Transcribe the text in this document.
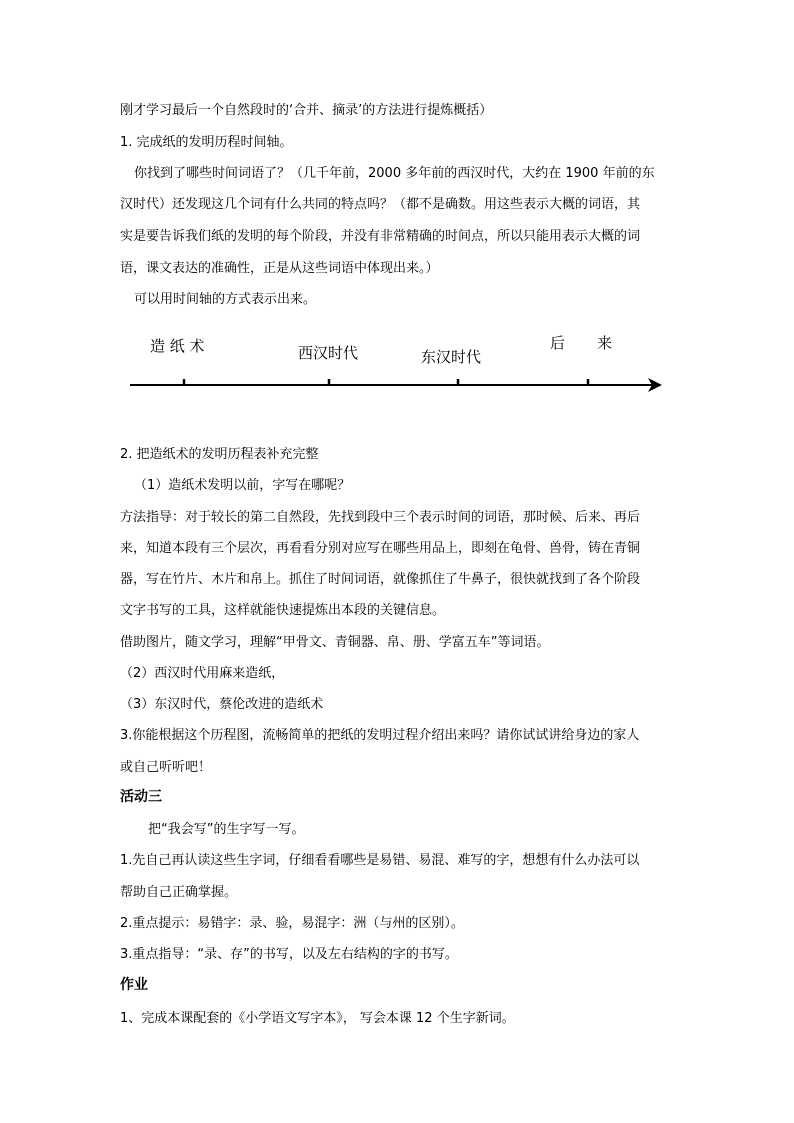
刚才学习最后一个自然段时的‘合并、摘录’的方法进行提炼概括）
1. 完成纸的发明历程时间轴。
你找到了哪些时间词语了？（几千年前，2000 多年前的西汉时代，大约在 1900 年前的东
汉时代）还发现这几个词有什么共同的特点吗？（都不是确数。用这些表示大概的词语，其
实是要告诉我们纸的发明的每个阶段，并没有非常精确的时间点，所以只能用表示大概的词
语，课文表达的准确性，正是从这些词语中体现出来。）
可以用时间轴的方式表示出来。
造 纸 术	西汉时代	东汉时代
后 来
2. 把造纸术的发明历程表补充完整
（1）造纸术发明以前，字写在哪呢？
方法指导：对于较长的第二自然段，先找到段中三个表示时间的词语，那时候、后来、再后
来，知道本段有三个层次，再看看分别对应写在哪些用品上，即刻在龟骨、兽骨，铸在青铜
器，写在竹片、木片和帛上。抓住了时间词语，就像抓住了牛鼻子，很快就找到了各个阶段
文字书写的工具，这样就能快速提炼出本段的关键信息。
借助图片，随文学习，理解“甲骨文、青铜器、帛、册、学富五车”等词语。
（2）西汉时代用麻来造纸，
（3）东汉时代，蔡伦改进的造纸术
3.你能根据这个历程图，流畅简单的把纸的发明过程介绍出来吗？请你试试讲给身边的家人
或自己听听吧！
活动三
把“我会写”的生字写一写。
1.先自己再认读这些生字词，仔细看看哪些是易错、易混、难写的字，想想有什么办法可以
帮助自己正确掌握。
2.重点提示：易错字：录、验，易混字：洲（与州的区别）。
3.重点指导：“录、存”的书写，以及左右结构的字的书写。
作业
1、完成本课配套的《小学语文写字本》， 写会本课 12 个生字新词。
